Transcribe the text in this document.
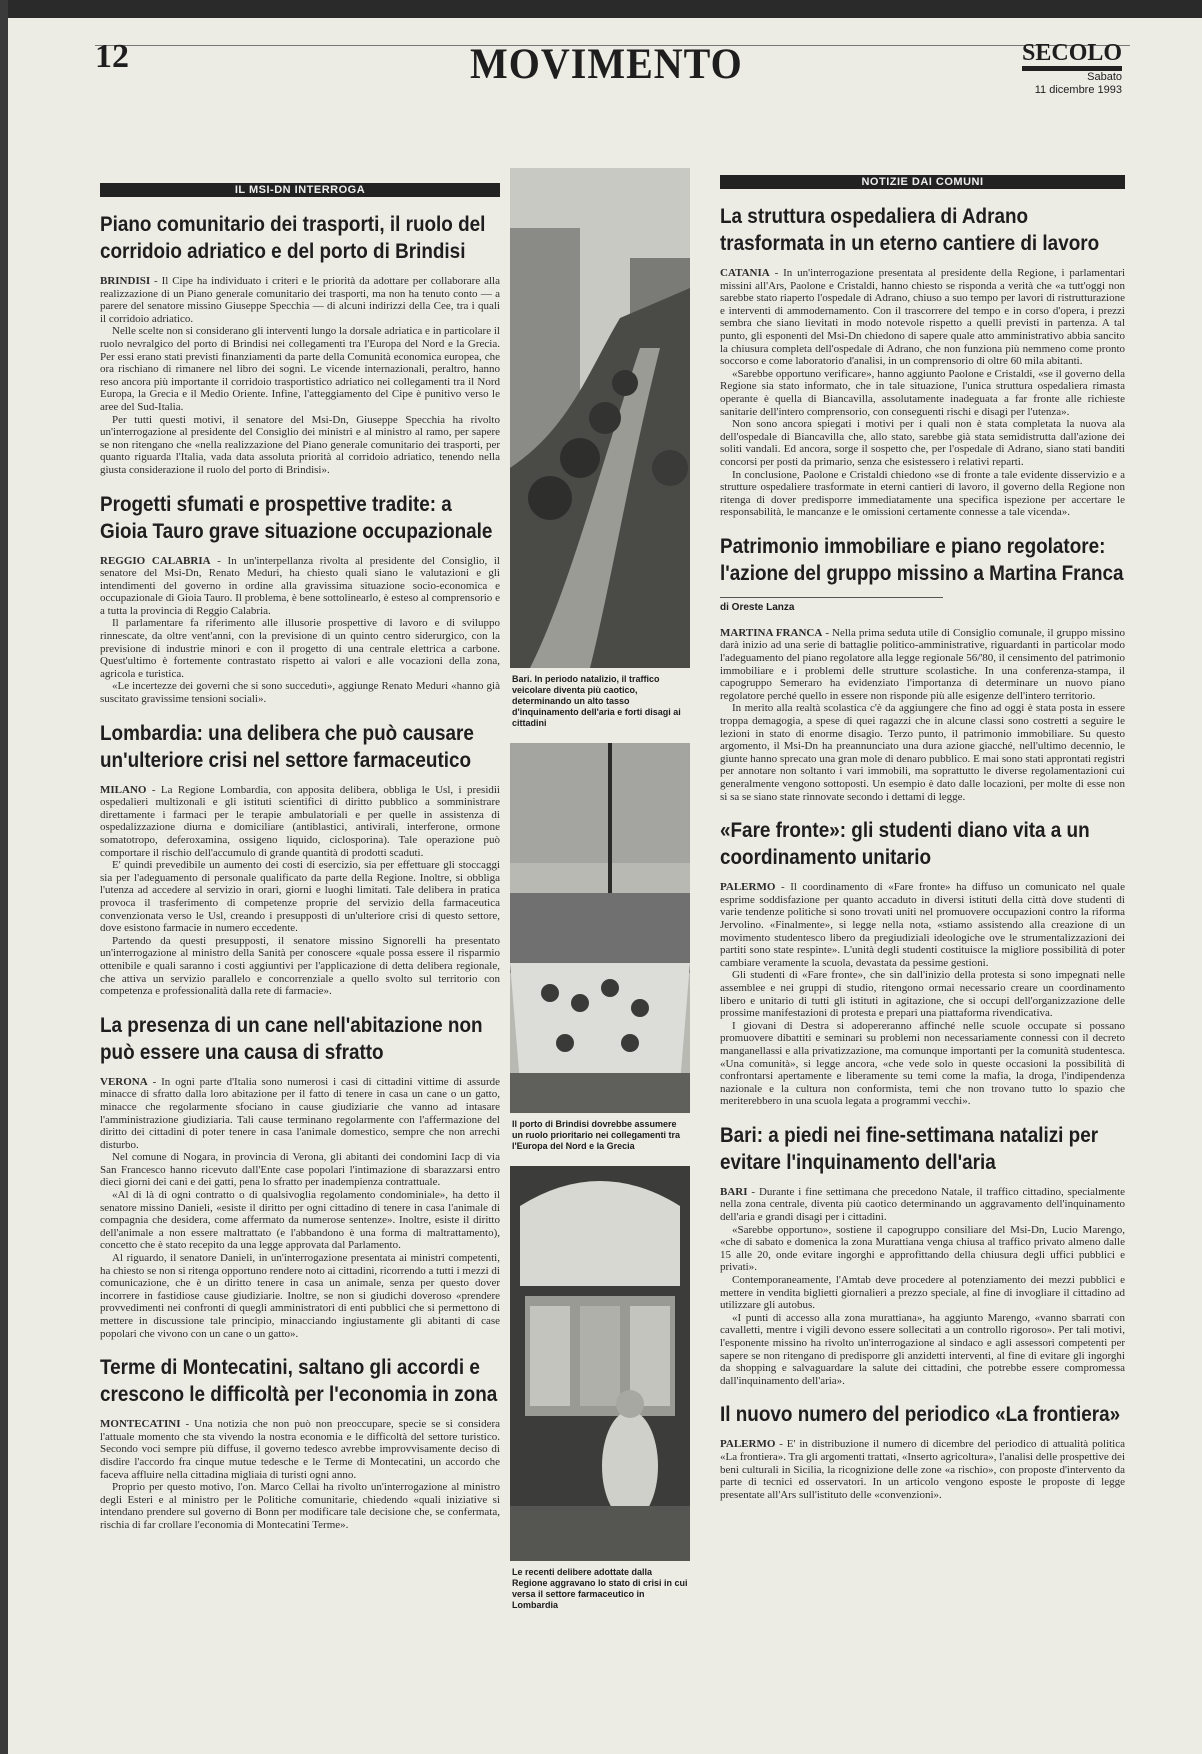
12	MOVIMENTO	SECOLO
Sabato
11 dicembre 1993
IL MSI-DN INTERROGA
Piano comunitario dei trasporti, il ruolo del corridoio adriatico e del porto di Brindisi

BRINDISI - Il Cipe ha individuato i criteri e le priorità da adottare per collaborare alla realizzazione di un Piano generale comunitario dei trasporti, ma non ha tenuto conto — a parere del senatore missino Giuseppe Specchia — di alcuni indirizzi della Cee, tra i quali il corridoio adriatico.

Nelle scelte non si considerano gli interventi lungo la dorsale adriatica e in particolare il ruolo nevralgico del porto di Brindisi nei collegamenti tra l'Europa del Nord e la Grecia. Per essi erano stati previsti finanziamenti da parte della Comunità economica europea, che ora rischiano di rimanere nel libro dei sogni. Le vicende internazionali, peraltro, hanno reso ancora più importante il corridoio trasportistico adriatico nei collegamenti tra il Nord Europa, la Grecia e il Medio Oriente. Infine, l'atteggiamento del Cipe è punitivo verso le aree del Sud-Italia.

Per tutti questi motivi, il senatore del Msi-Dn, Giuseppe Specchia ha rivolto un'interrogazione al presidente del Consiglio dei ministri e al ministro al ramo, per sapere se non ritengano che «nella realizzazione del Piano generale comunitario dei trasporti, per quanto riguarda l'Italia, vada data assoluta priorità al corridoio adriatico, tenendo nella giusta considerazione il ruolo del porto di Brindisi».

Progetti sfumati e prospettive tradite: a Gioia Tauro grave situazione occupazionale

REGGIO CALABRIA - In un'interpellanza rivolta al presidente del Consiglio, il senatore del Msi-Dn, Renato Meduri, ha chiesto quali siano le valutazioni e gli intendimenti del governo in ordine alla gravissima situazione socio-economica e occupazionale di Gioia Tauro. Il problema, è bene sottolinearlo, è esteso al comprensorio e a tutta la provincia di Reggio Calabria.

Il parlamentare fa riferimento alle illusorie prospettive di lavoro e di sviluppo rinnescate, da oltre vent'anni, con la previsione di un quinto centro siderurgico, con la previsione di industrie minori e con il progetto di una centrale elettrica a carbone. Quest'ultimo è fortemente contrastato rispetto ai valori e alle vocazioni della zona, agricola e turistica.

«Le incertezze dei governi che si sono succeduti», aggiunge Renato Meduri «hanno già suscitato gravissime tensioni sociali».

Lombardia: una delibera che può causare un'ulteriore crisi nel settore farmaceutico

MILANO - La Regione Lombardia, con apposita delibera, obbliga le Usl, i presidii ospedalieri multizonali e gli istituti scientifici di diritto pubblico a somministrare direttamente i farmaci per le terapie ambulatoriali e per quelle in assistenza di ospedalizzazione diurna e domiciliare (antiblastici, antivirali, interferone, ormone somatotropo, deferoxamina, ossigeno liquido, ciclosporina). Tale operazione può comportare il rischio dell'accumulo di grande quantità di prodotti scaduti.

E' quindi prevedibile un aumento dei costi di esercizio, sia per effettuare gli stoccaggi sia per l'adeguamento di personale qualificato da parte della Regione. Inoltre, si obbliga l'utenza ad accedere al servizio in orari, giorni e luoghi limitati. Tale delibera in pratica provoca il trasferimento di competenze proprie del servizio della farmaceutica convenzionata verso le Usl, creando i presupposti di un'ulteriore crisi di questo settore, dove esistono farmacie in numero eccedente.

Partendo da questi presupposti, il senatore missino Signorelli ha presentato un'interrogazione al ministro della Sanità per conoscere «quale possa essere il risparmio ottenibile e quali saranno i costi aggiuntivi per l'applicazione di detta delibera regionale, che attiva un servizio parallelo e concorrenziale a quello svolto sul territorio con competenza e professionalità dalla rete di farmacie».

La presenza di un cane nell'abitazione non può essere una causa di sfratto

VERONA - In ogni parte d'Italia sono numerosi i casi di cittadini vittime di assurde minacce di sfratto dalla loro abitazione per il fatto di tenere in casa un cane o un gatto, minacce che regolarmente sfociano in cause giudiziarie che vanno ad intasare l'amministrazione giudiziaria. Tali cause terminano regolarmente con l'affermazione del diritto dei cittadini di poter tenere in casa l'animale domestico, sempre che non arrechi disturbo.

Nel comune di Nogara, in provincia di Verona, gli abitanti dei condomini Iacp di via San Francesco hanno ricevuto dall'Ente case popolari l'intimazione di sbarazzarsi entro dieci giorni dei cani e dei gatti, pena lo sfratto per inadempienza contrattuale.

«Al di là di ogni contratto o di qualsivoglia regolamento condominiale», ha detto il senatore missino Danieli, «esiste il diritto per ogni cittadino di tenere in casa l'animale di compagnia che desidera, come affermato da numerose sentenze». Inoltre, esiste il diritto dell'animale a non essere maltrattato (e l'abbandono è una forma di maltrattamento), concetto che è stato recepito da una legge approvata dal Parlamento.

Al riguardo, il senatore Danieli, in un'interrogazione presentata ai ministri competenti, ha chiesto se non si ritenga opportuno rendere noto ai cittadini, ricorrendo a tutti i mezzi di comunicazione, che è un diritto tenere in casa un animale, senza per questo dover incorrere in fastidiose cause giudiziarie. Inoltre, se non si giudichi doveroso «prendere provvedimenti nei confronti di quegli amministratori di enti pubblici che si permettono di mettere in discussione tale principio, minacciando ingiustamente gli abitanti di case popolari che vivono con un cane o un gatto».

Terme di Montecatini, saltano gli accordi e crescono le difficoltà per l'economia in zona

MONTECATINI - Una notizia che non può non preoccupare, specie se si considera l'attuale momento che sta vivendo la nostra economia e le difficoltà del settore turistico. Secondo voci sempre più diffuse, il governo tedesco avrebbe improvvisamente deciso di disdire l'accordo fra cinque mutue tedesche e le Terme di Montecatini, un accordo che faceva affluire nella cittadina migliaia di turisti ogni anno.

Proprio per questo motivo, l'on. Marco Cellai ha rivolto un'interrogazione al ministro degli Esteri e al ministro per le Politiche comunitarie, chiedendo «quali iniziative si intendano prendere sul governo di Bonn per modificare tale decisione che, se confermata, rischia di far crollare l'economia di Montecatini Terme».

Bari. In periodo natalizio, il traffico veicolare diventa più caotico, determinando un alto tasso d'inquinamento dell'aria e forti disagi ai cittadini
Il porto di Brindisi dovrebbe assumere un ruolo prioritario nei collegamenti tra l'Europa del Nord e la Grecia
Le recenti delibere adottate dalla Regione aggravano lo stato di crisi in cui versa il settore farmaceutico in Lombardia
NOTIZIE DAI COMUNI
La struttura ospedaliera di Adrano trasformata in un eterno cantiere di lavoro

CATANIA - In un'interrogazione presentata al presidente della Regione, i parlamentari missini all'Ars, Paolone e Cristaldi, hanno chiesto se risponda a verità che «a tutt'oggi non sarebbe stato riaperto l'ospedale di Adrano, chiuso a suo tempo per lavori di ristrutturazione e interventi di ammodernamento. Con il trascorrere del tempo e in corso d'opera, i prezzi sembra che siano lievitati in modo notevole rispetto a quelli previsti in partenza. A tal punto, gli esponenti del Msi-Dn chiedono di sapere quale atto amministrativo abbia sancito la chiusura completa dell'ospedale di Adrano, che non funziona più nemmeno come pronto soccorso e come laboratorio d'analisi, in un comprensorio di oltre 60 mila abitanti.

«Sarebbe opportuno verificare», hanno aggiunto Paolone e Cristaldi, «se il governo della Regione sia stato informato, che in tale situazione, l'unica struttura ospedaliera rimasta operante è quella di Biancavilla, assolutamente inadeguata a far fronte alle richieste sanitarie dell'intero comprensorio, con conseguenti rischi e disagi per l'utenza».

Non sono ancora spiegati i motivi per i quali non è stata completata la nuova ala dell'ospedale di Biancavilla che, allo stato, sarebbe già stata semidistrutta dall'azione dei soliti vandali. Ed ancora, sorge il sospetto che, per l'ospedale di Adrano, siano stati banditi concorsi per posti da primario, senza che esistessero i relativi reparti.

In conclusione, Paolone e Cristaldi chiedono «se di fronte a tale evidente disservizio e a strutture ospedaliere trasformate in eterni cantieri di lavoro, il governo della Regione non ritenga di dover predisporre immediatamente una specifica ispezione per accertare le responsabilità, le mancanze e le omissioni certamente connesse a tale vicenda».

Patrimonio immobiliare e piano regolatore: l'azione del gruppo missino a Martina Franca
di Oreste Lanza

MARTINA FRANCA - Nella prima seduta utile di Consiglio comunale, il gruppo missino darà inizio ad una serie di battaglie politico-amministrative, riguardanti in particolar modo l'adeguamento del piano regolatore alla legge regionale 56/'80, il censimento del patrimonio immobiliare e i problemi delle strutture scolastiche. In una conferenza-stampa, il capogruppo Semeraro ha evidenziato l'importanza di determinare un nuovo piano regolatore perché quello in essere non risponde più alle esigenze dell'intero territorio.

In merito alla realtà scolastica c'è da aggiungere che fino ad oggi è stata posta in essere troppa demagogia, a spese di quei ragazzi che in alcune classi sono costretti a seguire le lezioni in stato di enorme disagio. Terzo punto, il patrimonio immobiliare. Su questo argomento, il Msi-Dn ha preannunciato una dura azione giacché, nell'ultimo decennio, le giunte hanno sprecato una gran mole di denaro pubblico. E mai sono stati approntati registri per annotare non soltanto i vari immobili, ma soprattutto le diverse regolamentazioni cui generalmente vengono sottoposti. Un esempio è dato dalle locazioni, per molte di esse non si sa se siano state rinnovate secondo i dettami di legge.

«Fare fronte»: gli studenti diano vita a un coordinamento unitario

PALERMO - Il coordinamento di «Fare fronte» ha diffuso un comunicato nel quale esprime soddisfazione per quanto accaduto in diversi istituti della città dove studenti di varie tendenze politiche si sono trovati uniti nel promuovere occupazioni contro la riforma Jervolino. «Finalmente», si legge nella nota, «stiamo assistendo alla creazione di un movimento studentesco libero da pregiudiziali ideologiche ove le strumentalizzazioni dei partiti sono state respinte». L'unità degli studenti costituisce la migliore possibilità di poter cambiare veramente la scuola, devastata da pessime gestioni.

Gli studenti di «Fare fronte», che sin dall'inizio della protesta si sono impegnati nelle assemblee e nei gruppi di studio, ritengono ormai necessario creare un coordinamento libero e unitario di tutti gli istituti in agitazione, che si occupi dell'organizzazione delle prossime manifestazioni di protesta e prepari una piattaforma rivendicativa.

I giovani di Destra si adopereranno affinché nelle scuole occupate si possano promuovere dibattiti e seminari su problemi non necessariamente connessi con il decreto manganellassi e alla privatizzazione, ma comunque importanti per la comunità studentesca. «Una comunità», si legge ancora, «che vede solo in queste occasioni la possibilità di confrontarsi apertamente e liberamente su temi come la mafia, la droga, l'indipendenza nazionale e la cultura non conformista, temi che non trovano tutto lo spazio che meriterebbero in una scuola legata a programmi vecchi».

Bari: a piedi nei fine-settimana natalizi per evitare l'inquinamento dell'aria

BARI - Durante i fine settimana che precedono Natale, il traffico cittadino, specialmente nella zona centrale, diventa più caotico determinando un aggravamento dell'inquinamento dell'aria e grandi disagi per i cittadini.

«Sarebbe opportuno», sostiene il capogruppo consiliare del Msi-Dn, Lucio Marengo, «che di sabato e domenica la zona Murattiana venga chiusa al traffico privato almeno dalle 15 alle 20, onde evitare ingorghi e approfittando della chiusura degli uffici pubblici e privati».

Contemporaneamente, l'Amtab deve procedere al potenziamento dei mezzi pubblici e mettere in vendita biglietti giornalieri a prezzo speciale, al fine di invogliare il cittadino ad utilizzare gli autobus.

«I punti di accesso alla zona murattiana», ha aggiunto Marengo, «vanno sbarrati con cavalletti, mentre i vigili devono essere sollecitati a un controllo rigoroso». Per tali motivi, l'esponente missino ha rivolto un'interrogazione al sindaco e agli assessori competenti per sapere se non ritengano di predisporre gli anzidetti interventi, al fine di evitare gli ingorghi da shopping e salvaguardare la salute dei cittadini, che potrebbe essere compromessa dall'inquinamento dell'aria».

Il nuovo numero del periodico «La frontiera»

PALERMO - E' in distribuzione il numero di dicembre del periodico di attualità politica «La frontiera». Tra gli argomenti trattati, «Inserto agricoltura», l'analisi delle prospettive dei beni culturali in Sicilia, la ricognizione delle zone «a rischio», con proposte d'intervento da parte di tecnici ed osservatori. In un articolo vengono esposte le proposte di legge presentate all'Ars sull'istituto delle «convenzioni».
